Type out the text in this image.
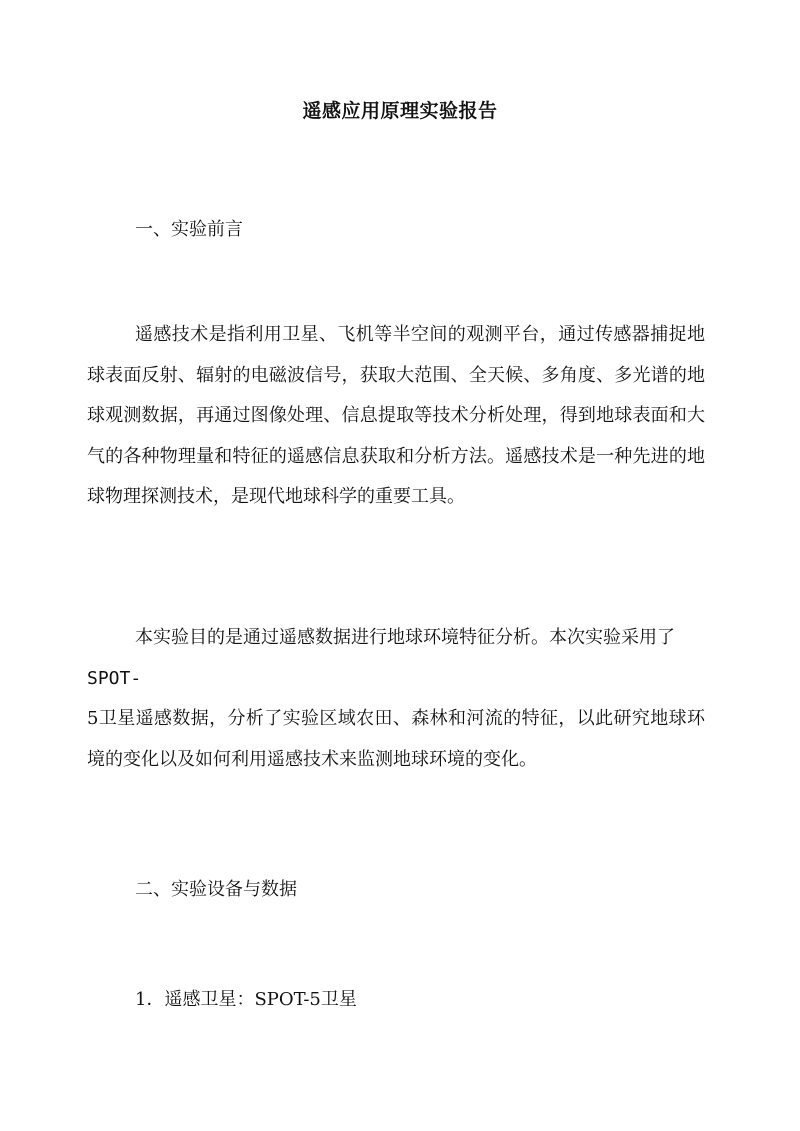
遥感应用原理实验报告
一、实验前言

遥感技术是指利用卫星、飞机等半空间的观测平台，通过传感器捕捉地球表面反射、辐射的电磁波信号，获取大范围、全天候、多角度、多光谱的地球观测数据，再通过图像处理、信息提取等技术分析处理，得到地球表面和大气的各种物理量和特征的遥感信息获取和分析方法。遥感技术是一种先进的地球物理探测技术，是现代地球科学的重要工具。

本实验目的是通过遥感数据进行地球环境特征分析。本次实验采用了
SPOT-
5卫星遥感数据，分析了实验区域农田、森林和河流的特征，以此研究地球环境的变化以及如何利用遥感技术来监测地球环境的变化。
二、实验设备与数据
1．遥感卫星：SPOT-5卫星
